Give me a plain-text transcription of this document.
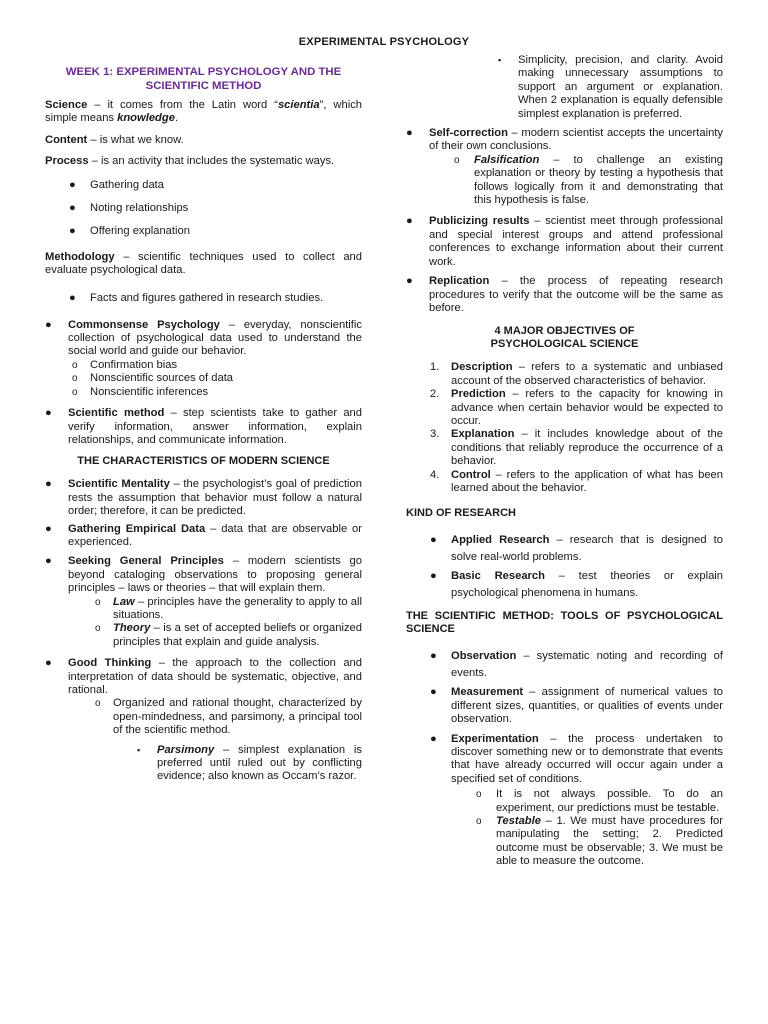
EXPERIMENTAL PSYCHOLOGY
WEEK 1: EXPERIMENTAL PSYCHOLOGY AND THE SCIENTIFIC METHOD

Science – it comes from the Latin word “scientia”, which simple means knowledge.

Content – is what we know.

Process – is an activity that includes the systematic ways.

● Gathering data
● Noting relationships
● Offering explanation

Methodology – scientific techniques used to collect and evaluate psychological data.

● Facts and figures gathered in research studies.
● Commonsense Psychology – everyday, nonscientific collection of psychological data used to understand the social world and guide our behavior.
o Confirmation bias
o Nonscientific sources of data
o Nonscientific inferences
● Scientific method – step scientists take to gather and verify information, answer information, explain relationships, and communicate information.
THE CHARACTERISTICS OF MODERN SCIENCE
● Scientific Mentality – the psychologist’s goal of prediction rests the assumption that behavior must follow a natural order; therefore, it can be predicted.
● Gathering Empirical Data – data that are observable or experienced.
● Seeking General Principles – modern scientists go beyond cataloging observations to proposing general principles – laws or theories – that will explain them.
o Law – principles have the generality to apply to all situations.
o Theory – is a set of accepted beliefs or organized principles that explain and guide analysis.
● Good Thinking – the approach to the collection and interpretation of data should be systematic, objective, and rational.
o Organized and rational thought, characterized by open-mindedness, and parsimony, a principal tool of the scientific method.
▪ Parsimony – simplest explanation is preferred until ruled out by conflicting evidence; also known as Occam’s razor.
▪ Simplicity, precision, and clarity. Avoid making unnecessary assumptions to support an argument or explanation. When 2 explanation is equally defensible simplest explanation is preferred.
● Self-correction – modern scientist accepts the uncertainty of their own conclusions.
o Falsification – to challenge an existing explanation or theory by testing a hypothesis that follows logically from it and demonstrating that this hypothesis is false.
● Publicizing results – scientist meet through professional and special interest groups and attend professional conferences to exchange information about their current work.
● Replication – the process of repeating research procedures to verify that the outcome will be the same as before.
4 MAJOR OBJECTIVES OF PSYCHOLOGICAL SCIENCE
1. Description – refers to a systematic and unbiased account of the observed characteristics of behavior.
2. Prediction – refers to the capacity for knowing in advance when certain behavior would be expected to occur.
3. Explanation – it includes knowledge about of the conditions that reliably reproduce the occurrence of a behavior.
4. Control – refers to the application of what has been learned about the behavior.
KIND OF RESEARCH
● Applied Research – research that is designed to solve real-world problems.
● Basic Research – test theories or explain psychological phenomena in humans.
THE SCIENTIFIC METHOD: TOOLS OF PSYCHOLOGICAL SCIENCE
● Observation – systematic noting and recording of events.
● Measurement – assignment of numerical values to different sizes, quantities, or qualities of events under observation.
● Experimentation – the process undertaken to discover something new or to demonstrate that events that have already occurred will occur again under a specified set of conditions.
o It is not always possible. To do an experiment, our predictions must be testable.
o Testable – 1. We must have procedures for manipulating the setting; 2. Predicted outcome must be observable; 3. We must be able to measure the outcome.
